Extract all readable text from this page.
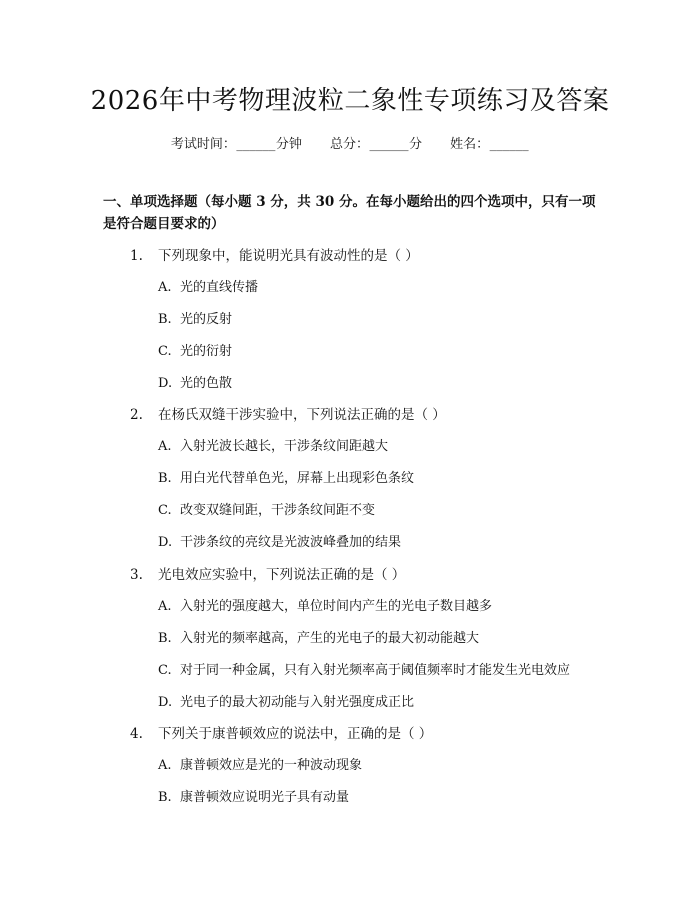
2026年中考物理波粒二象性专项练习及答案
考试时间：______分钟 总分：______分 姓名：______
一、单项选择题（每小题 3 分，共 30 分。在每小题给出的四个选项中，只有一项是符合题目要求的）
1. 下列现象中，能说明光具有波动性的是（ ）
A. 光的直线传播
B. 光的反射
C. 光的衍射
D. 光的色散
2. 在杨氏双缝干涉实验中，下列说法正确的是（ ）
A. 入射光波长越长，干涉条纹间距越大
B. 用白光代替单色光，屏幕上出现彩色条纹
C. 改变双缝间距，干涉条纹间距不变
D. 干涉条纹的亮纹是光波波峰叠加的结果
3. 光电效应实验中，下列说法正确的是（ ）
A. 入射光的强度越大，单位时间内产生的光电子数目越多
B. 入射光的频率越高，产生的光电子的最大初动能越大
C. 对于同一种金属，只有入射光频率高于阈值频率时才能发生光电效应
D. 光电子的最大初动能与入射光强度成正比
4. 下列关于康普顿效应的说法中，正确的是（ ）
A. 康普顿效应是光的一种波动现象
B. 康普顿效应说明光子具有动量
